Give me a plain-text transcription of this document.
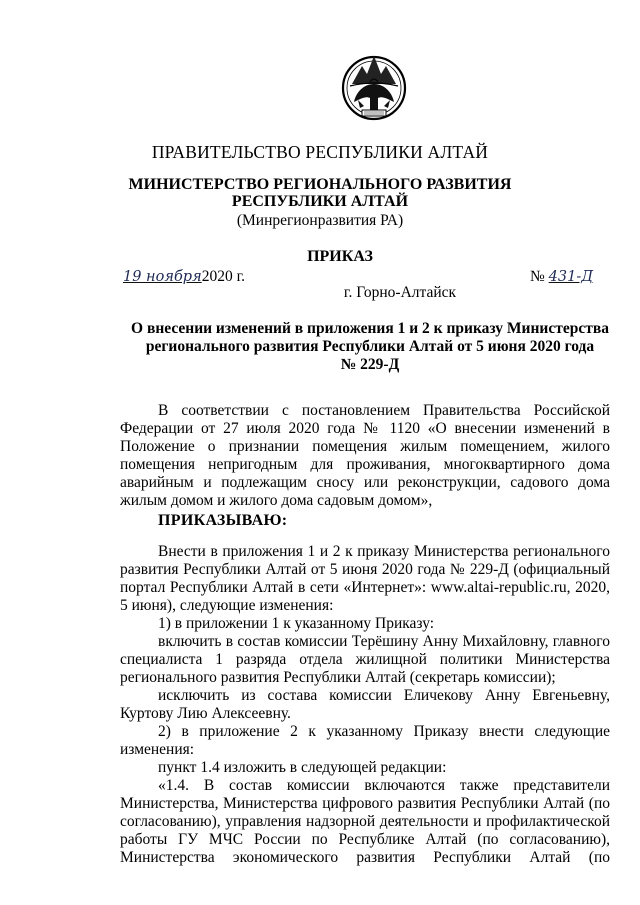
ПРАВИТЕЛЬСТВО РЕСПУБЛИКИ АЛТАЙ
МИНИСТЕРСТВО РЕГИОНАЛЬНОГО РАЗВИТИЯ
РЕСПУБЛИКИ АЛТАЙ
(Минрегионразвития РА)
ПРИКАЗ
19 ноября2020 г.	№ 431-Д
г. Горно-Алтайск
О внесении изменений в приложения 1 и 2 к приказу Министерства
регионального развития Республики Алтай от 5 июня 2020 года
№ 229-Д
В соответствии с постановлением Правительства Российской
Федерации от 27 июля 2020 года № 1120 «О внесении изменений в
Положение о признании помещения жилым помещением, жилого
помещения непригодным для проживания, многоквартирного дома
аварийным и подлежащим сносу или реконструкции, садового дома
жилым домом и жилого дома садовым домом»,
ПРИКАЗЫВАЮ:
Внести в приложения 1 и 2 к приказу Министерства регионального
развития Республики Алтай от 5 июня 2020 года № 229-Д (официальный
портал Республики Алтай в сети «Интернет»: www.altai-republic.ru, 2020,
5 июня), следующие изменения:
1) в приложении 1 к указанному Приказу:
включить в состав комиссии Терёшину Анну Михайловну, главного
специалиста 1 разряда отдела жилищной политики Министерства
регионального развития Республики Алтай (секретарь комиссии);
исключить из состава комиссии Еличекову Анну Евгеньевну,
Куртову Лию Алексеевну.
2) в приложение 2 к указанному Приказу внести следующие
изменения:
пункт 1.4 изложить в следующей редакции:
«1.4. В состав комиссии включаются также представители
Министерства, Министерства цифрового развития Республики Алтай (по
согласованию), управления надзорной деятельности и профилактической
работы ГУ МЧС России по Республике Алтай (по согласованию),
Министерства экономического развития Республики Алтай (по
